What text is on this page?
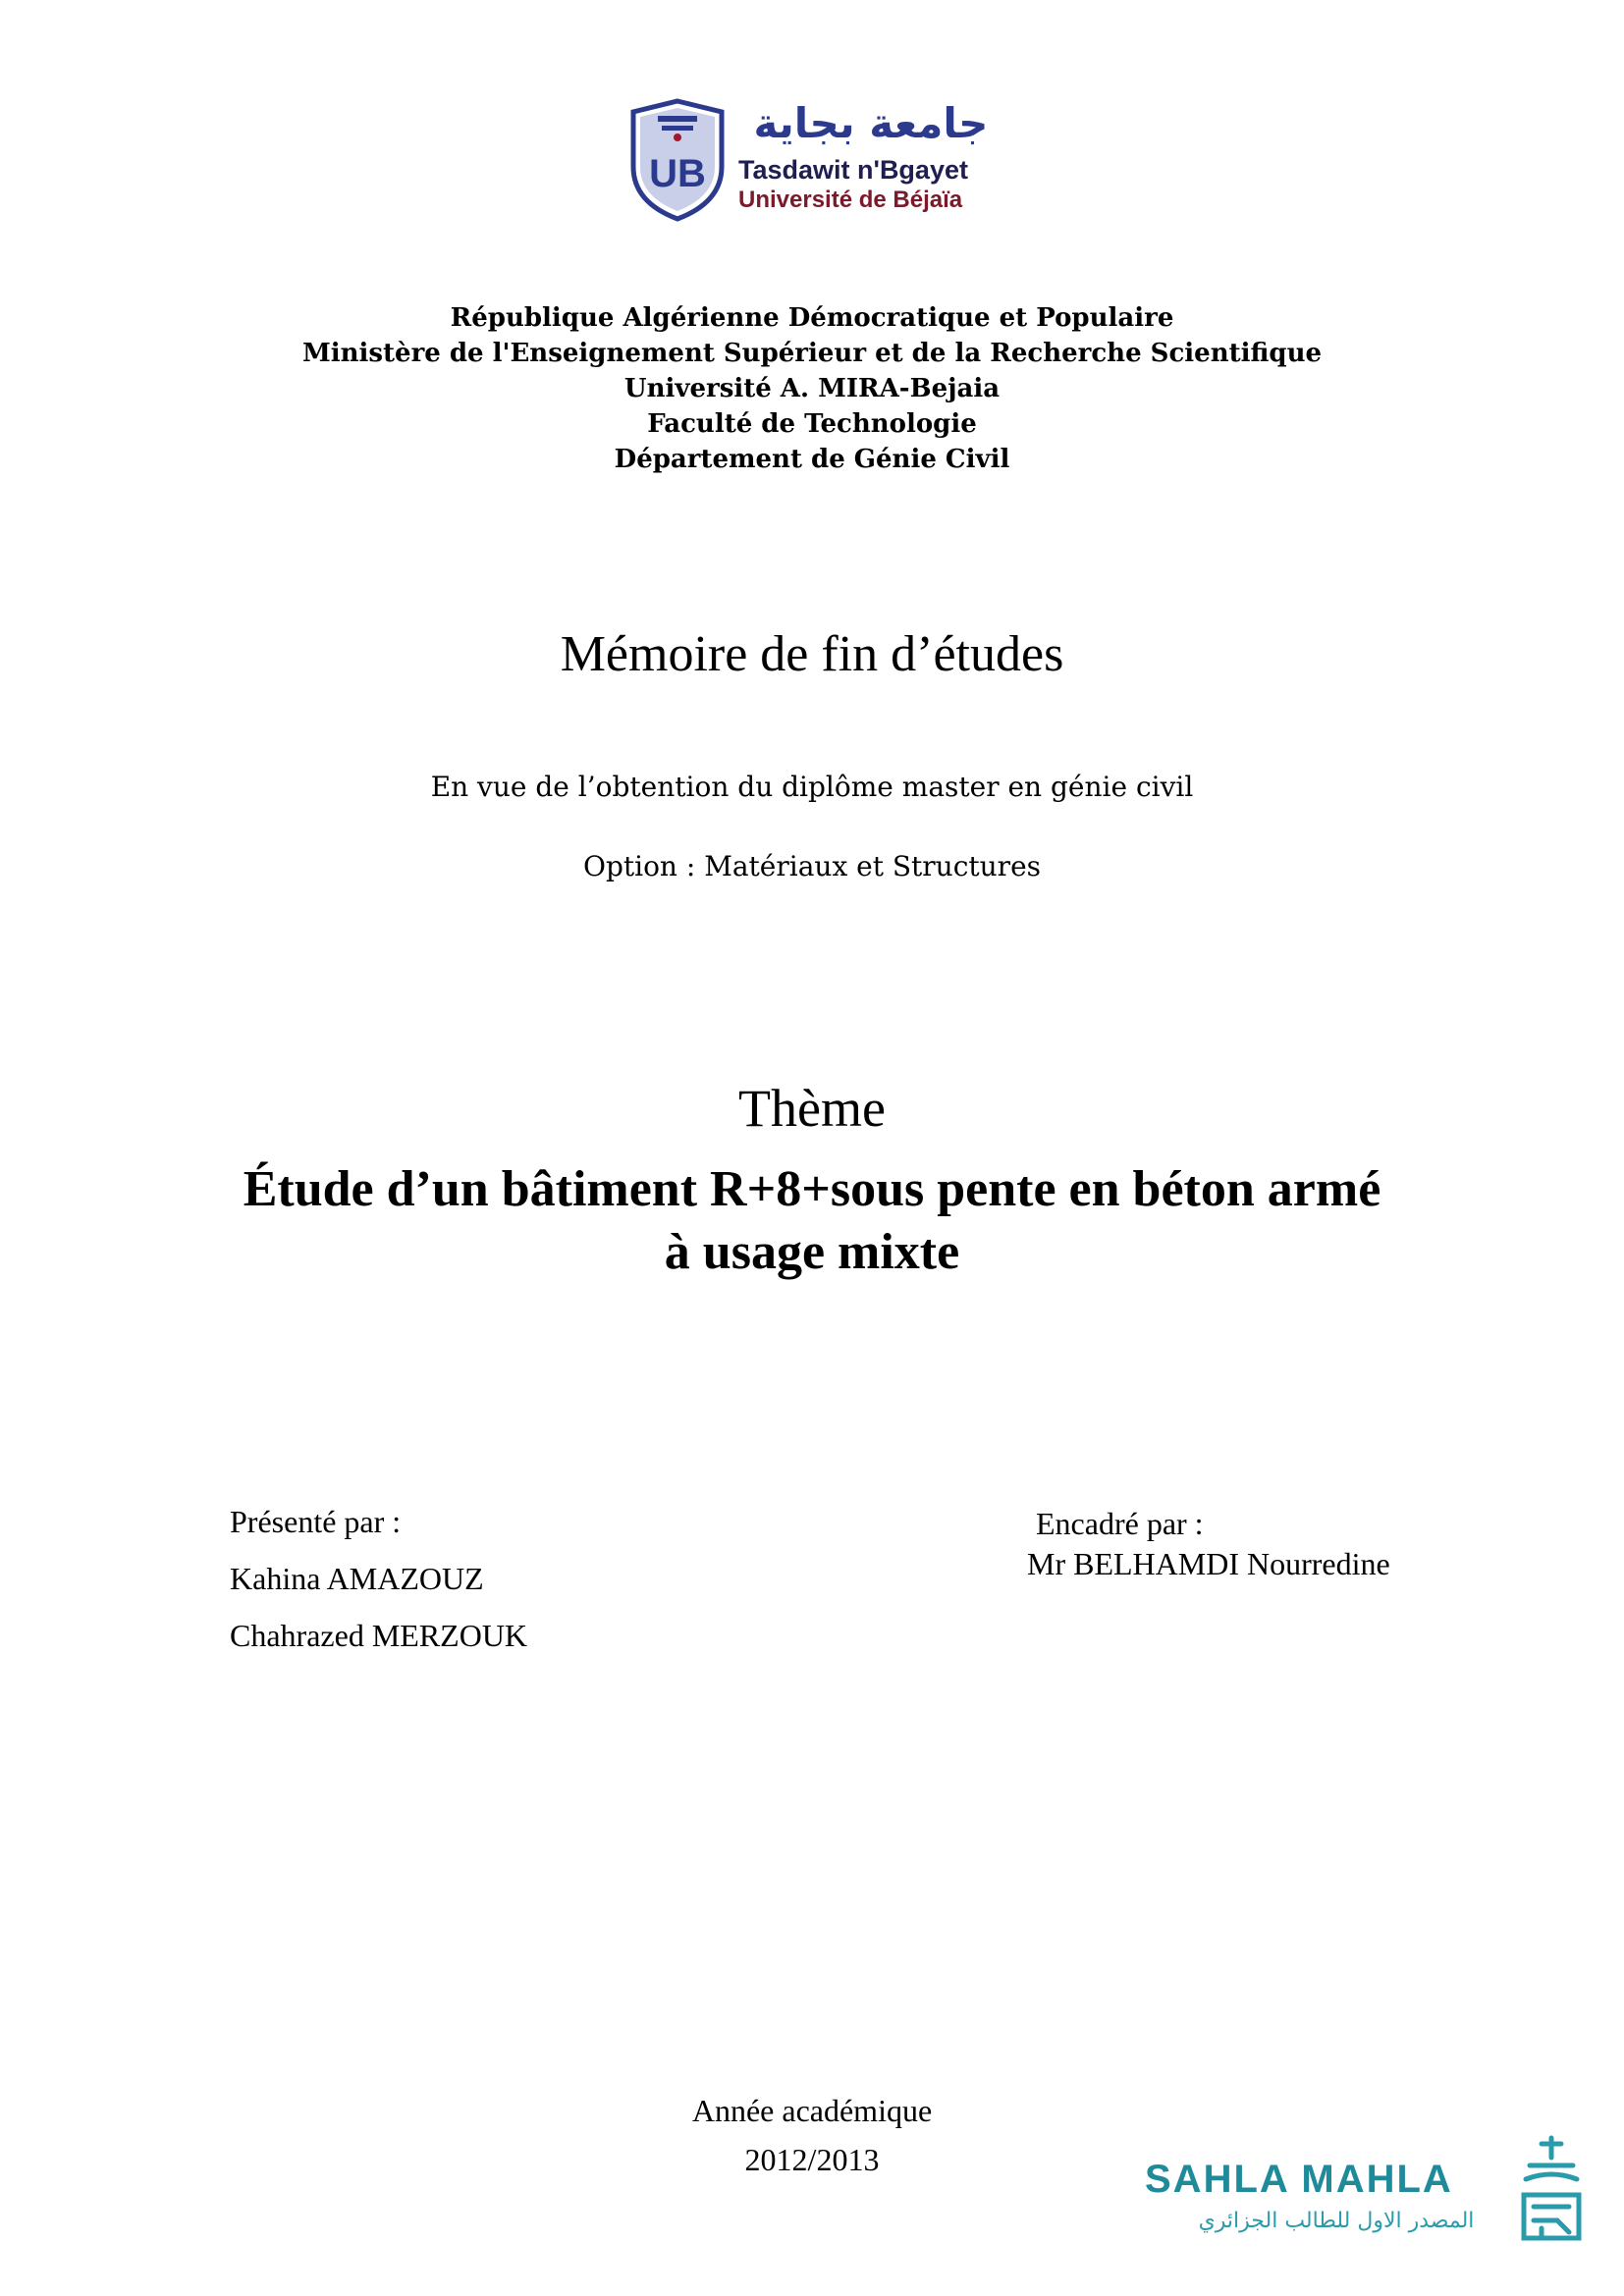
UB
جامعة بجاية
Tasdawit n'Bgayet
Université de Béjaïa
République Algérienne Démocratique et Populaire
Ministère de l'Enseignement Supérieur et de la Recherche Scientifique
Université A. MIRA-Bejaia
Faculté de Technologie
Département de Génie Civil
Mémoire de fin d’études
En vue de l’obtention du diplôme master en génie civil
Option : Matériaux et Structures
Thème
Étude d’un bâtiment R+8+sous pente en béton armé
à usage mixte
Présenté par :
Kahina AMAZOUZ
Chahrazed MERZOUK
Encadré par :
Mr BELHAMDI Nourredine
Année académique
2012/2013	SAHLA MAHLA
المصدر الاول للطالب الجزائري
